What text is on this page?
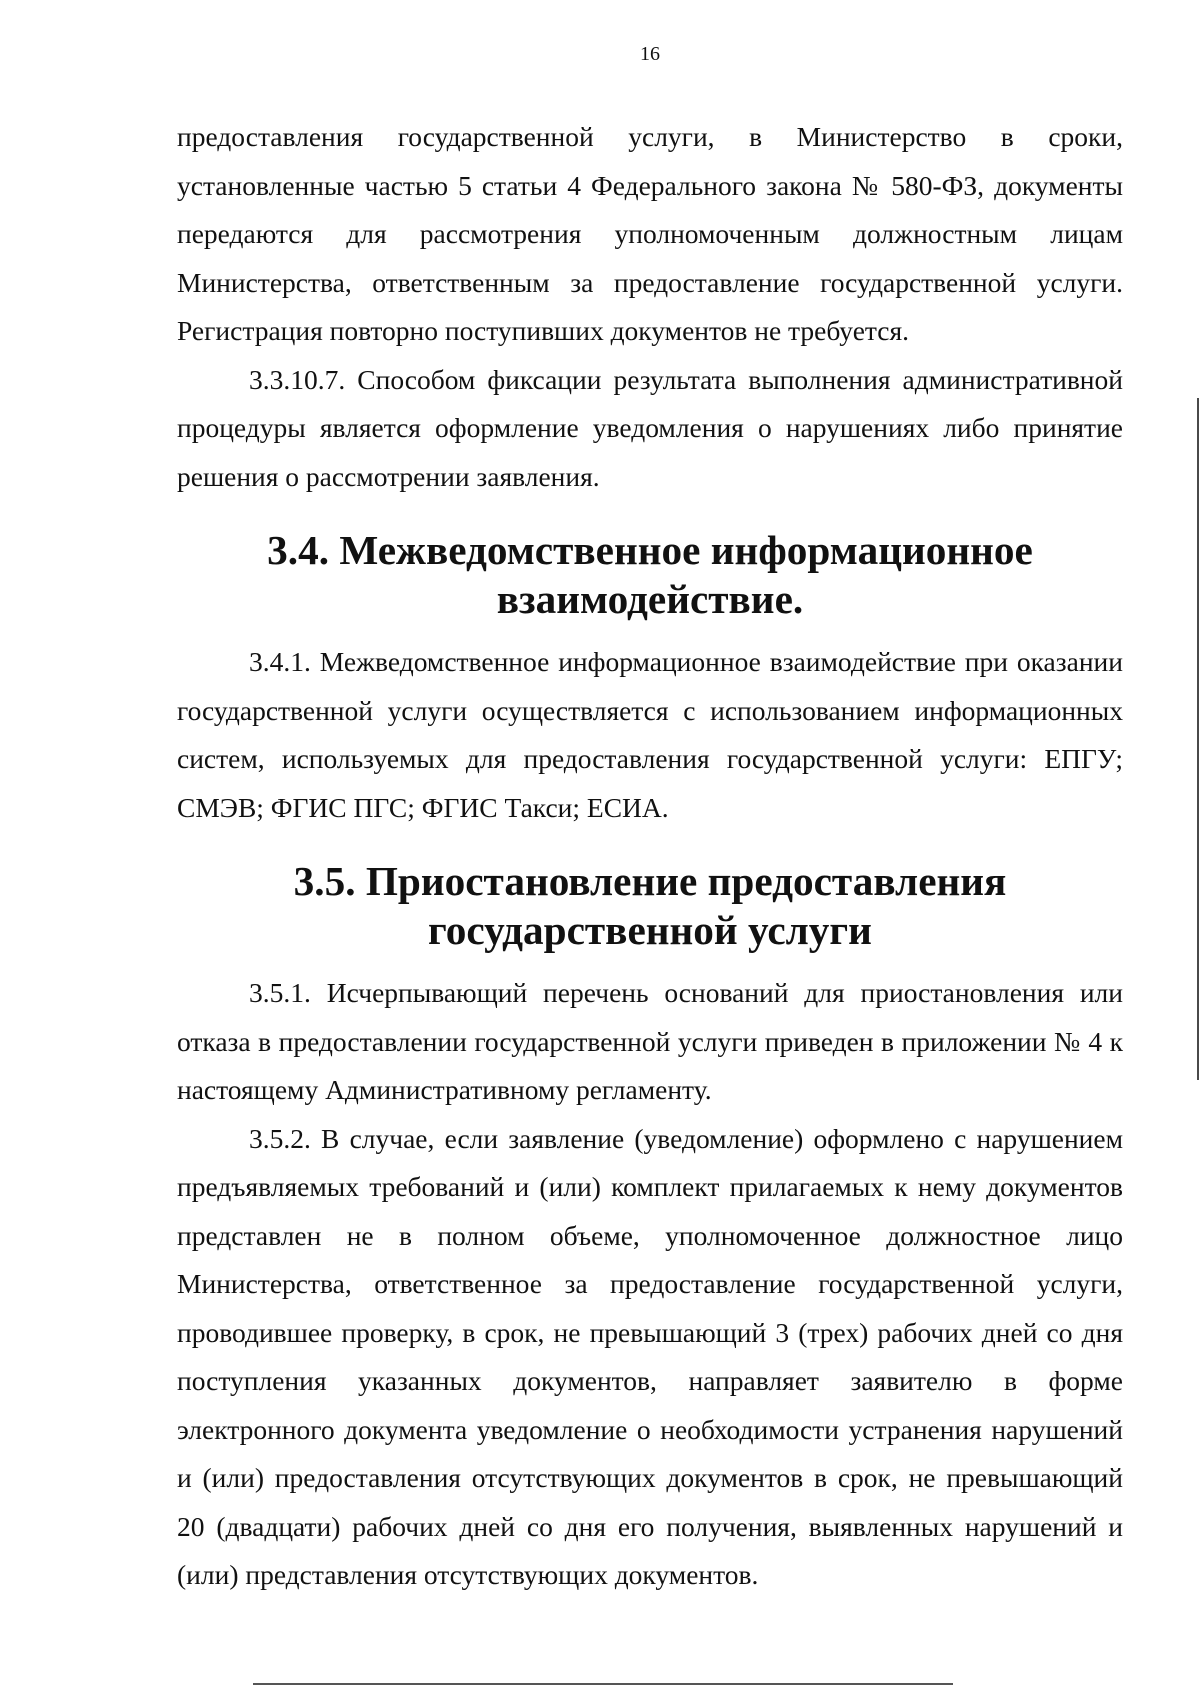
16

предоставления государственной услуги, в Министерство в сроки, установленные частью 5 статьи 4 Федерального закона № 580-ФЗ, документы передаются для рассмотрения уполномоченным должностным лицам Министерства, ответственным за предоставление государственной услуги. Регистрация повторно поступивших документов не требуется.

3.3.10.7. Способом фиксации результата выполнения административной процедуры является оформление уведомления о нарушениях либо принятие решения о рассмотрении заявления.

3.4. Межведомственное информационное взаимодействие.

3.4.1. Межведомственное информационное взаимодействие при оказании государственной услуги осуществляется с использованием информационных систем, используемых для предоставления государственной услуги: ЕПГУ; СМЭВ; ФГИС ПГС; ФГИС Такси; ЕСИА.

3.5. Приостановление предоставления государственной услуги

3.5.1. Исчерпывающий перечень оснований для приостановления или отказа в предоставлении государственной услуги приведен в приложении № 4 к настоящему Административному регламенту.

3.5.2. В случае, если заявление (уведомление) оформлено с нарушением предъявляемых требований и (или) комплект прилагаемых к нему документов представлен не в полном объеме, уполномоченное должностное лицо Министерства, ответственное за предоставление государственной услуги, проводившее проверку, в срок, не превышающий 3 (трех) рабочих дней со дня поступления указанных документов, направляет заявителю в форме электронного документа уведомление о необходимости устранения нарушений и (или) предоставления отсутствующих документов в срок, не превышающий 20 (двадцати) рабочих дней со дня его получения, выявленных нарушений и (или) представления отсутствующих документов.
